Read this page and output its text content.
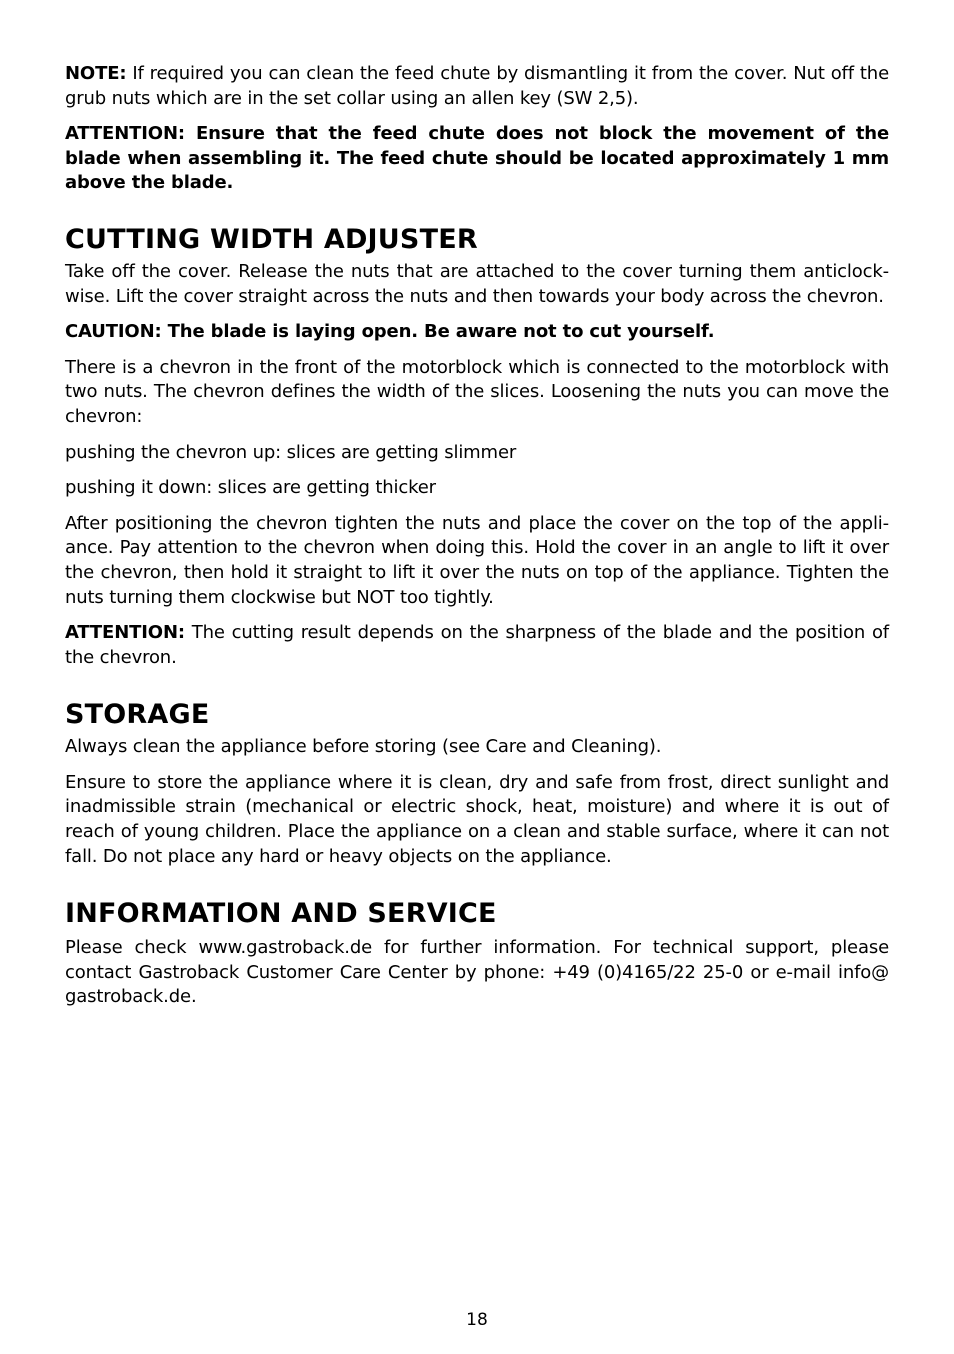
NOTE: If required you can clean the feed chute by dismantling it from the cover. Nut off the grub nuts which are in the set collar using an allen key (SW 2,5).

ATTENTION: Ensure that the feed chute does not block the movement of the blade when assembling it. The feed chute should be located approximately 1 mm above the blade.

CUTTING WIDTH ADJUSTER

Take off the cover. Release the nuts that are attached to the cover turning them anticlock-wise. Lift the cover straight across the nuts and then towards your body across the chevron.

CAUTION: The blade is laying open. Be aware not to cut yourself.

There is a chevron in the front of the motorblock which is connected to the motorblock with two nuts. The chevron defines the width of the slices. Loosening the nuts you can move the chevron:

pushing the chevron up: slices are getting slimmer

pushing it down: slices are getting thicker

After positioning the chevron tighten the nuts and place the cover on the top of the appli-ance. Pay attention to the chevron when doing this. Hold the cover in an angle to lift it over the chevron, then hold it straight to lift it over the nuts on top of the appliance. Tighten the nuts turning them clockwise but NOT too tightly.

ATTENTION: The cutting result depends on the sharpness of the blade and the position of the chevron.

STORAGE

Always clean the appliance before storing (see Care and Cleaning).

Ensure to store the appliance where it is clean, dry and safe from frost, direct sunlight and inadmissible strain (mechanical or electric shock, heat, moisture) and where it is out of reach of young children. Place the appliance on a clean and stable surface, where it can not fall. Do not place any hard or heavy objects on the appliance.

INFORMATION AND SERVICE

Please check www.gastroback.de for further information. For technical support, please contact Gastroback Customer Care Center by phone: +49 (0)4165/22 25-0 or e-mail info@ gastroback.de.

18
